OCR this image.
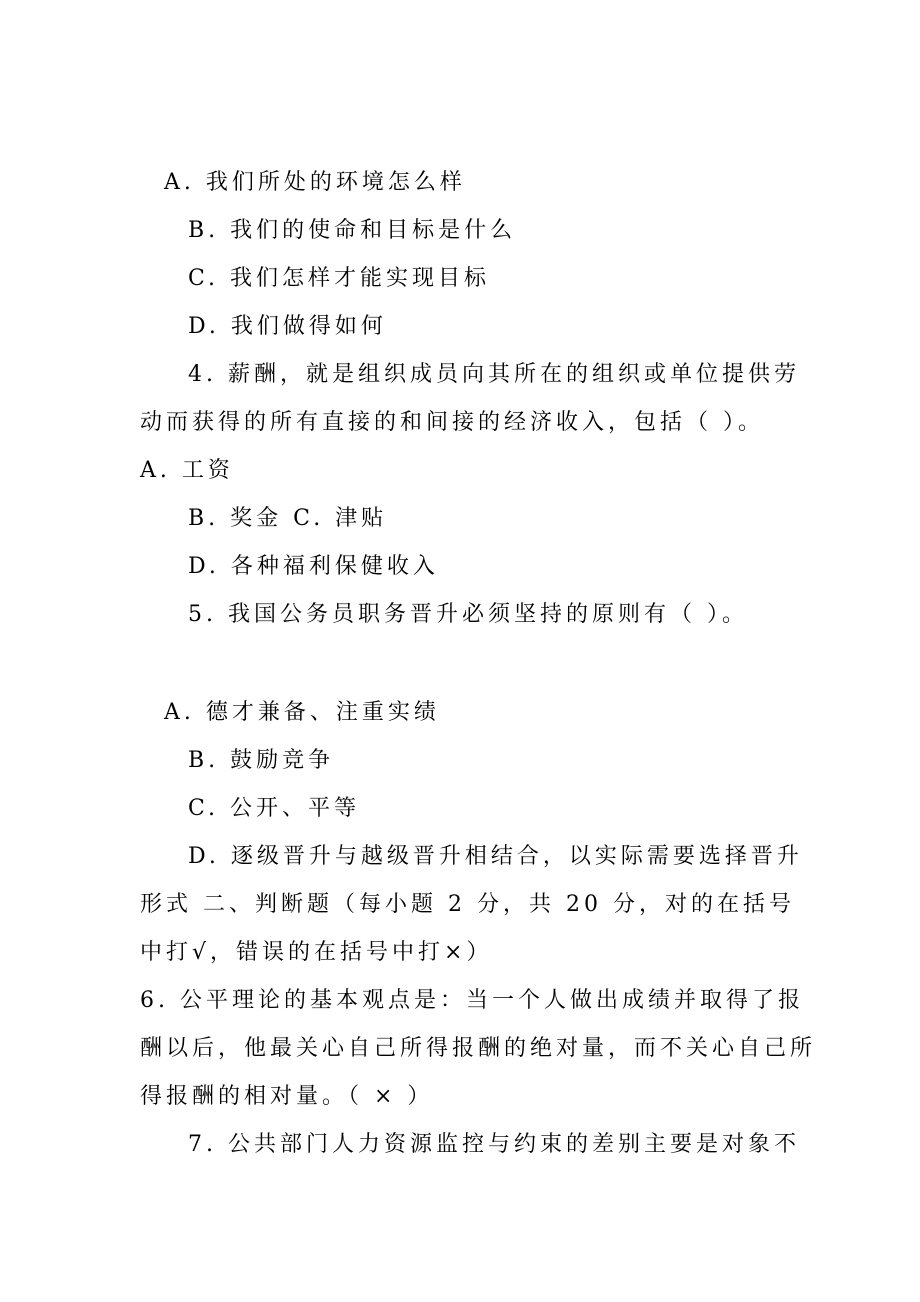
A. 我们所处的环境怎么样
B. 我们的使命和目标是什么
C. 我们怎样才能实现目标
D. 我们做得如何
4. 薪酬，就是组织成员向其所在的组织或单位提供劳
动而获得的所有直接的和间接的经济收入，包括（ ）。
A. 工资
B. 奖金 C. 津贴
D. 各种福利保健收入
5. 我国公务员职务晋升必须坚持的原则有（ ）。
A. 德才兼备、注重实绩
B. 鼓励竞争
C. 公开、平等
D. 逐级晋升与越级晋升相结合，以实际需要选择晋升
形式 二、判断题（每小题 2 分，共 20 分，对的在括号
中打√，错误的在括号中打×）
6. 公平理论的基本观点是：当一个人做出成绩并取得了报
酬以后，他最关心自己所得报酬的绝对量，而不关心自己所
得报酬的相对量。（ × ）
7. 公共部门人力资源监控与约束的差别主要是对象不
